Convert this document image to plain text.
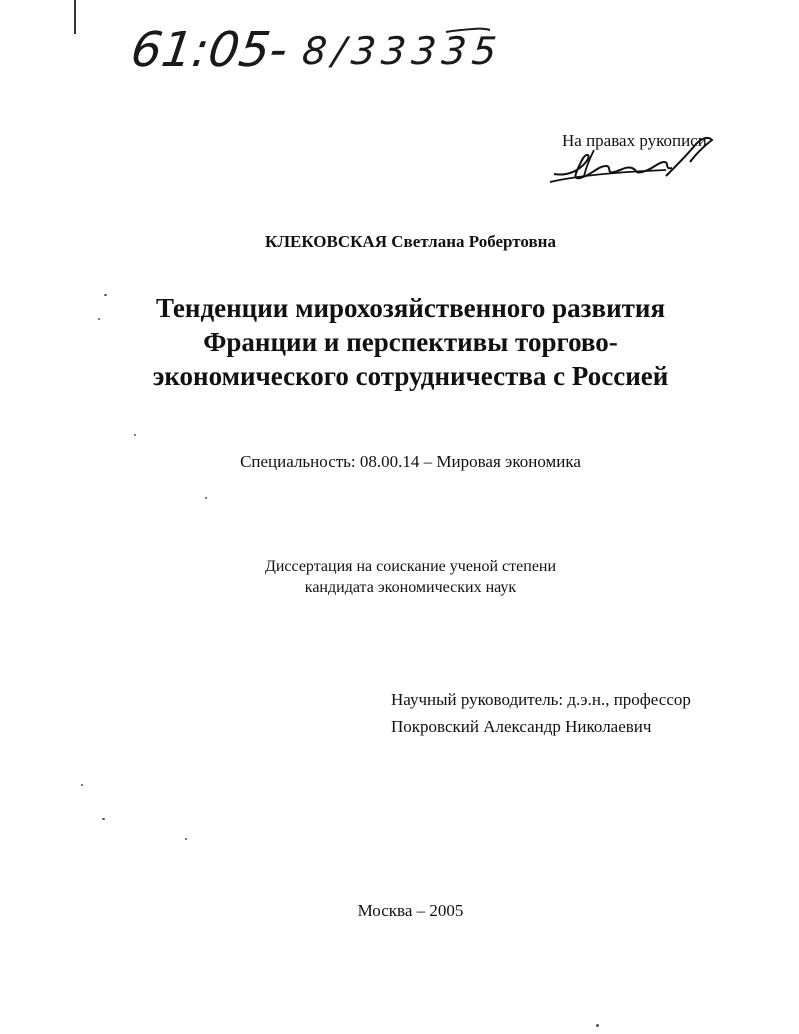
61:05- 8/33335
На правах рукописи
КЛЕКОВСКАЯ Светлана Робертовна
Тенденции мирохозяйственного развития
Франции и перспективы торгово-
экономического сотрудничества с Россией
Специальность: 08.00.14 – Мировая экономика
Диссертация на соискание ученой степени
кандидата экономических наук
Научный руководитель: д.э.н., профессор
Покровский Александр Николаевич
Москва – 2005
